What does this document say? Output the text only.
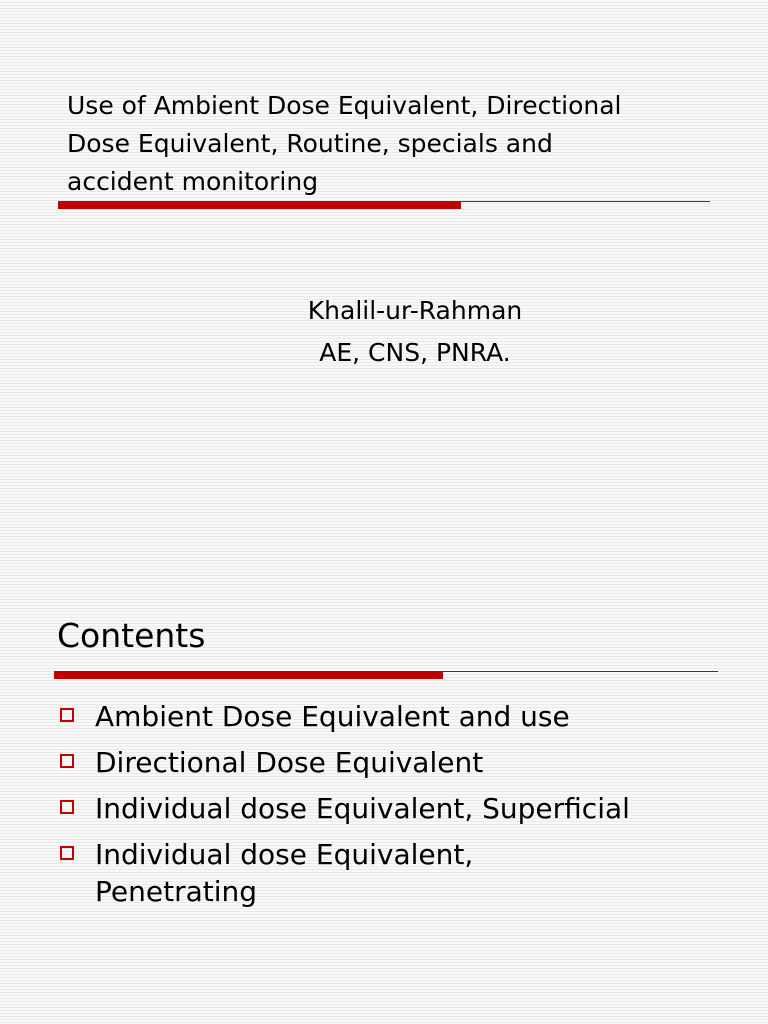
Use of Ambient Dose Equivalent, Directional
Dose Equivalent, Routine, specials and
accident monitoring
Khalil-ur-Rahman
AE, CNS, PNRA.
Contents
Ambient Dose Equivalent and use
Directional Dose Equivalent
Individual dose Equivalent, Superficial
Individual dose Equivalent,
Penetrating
